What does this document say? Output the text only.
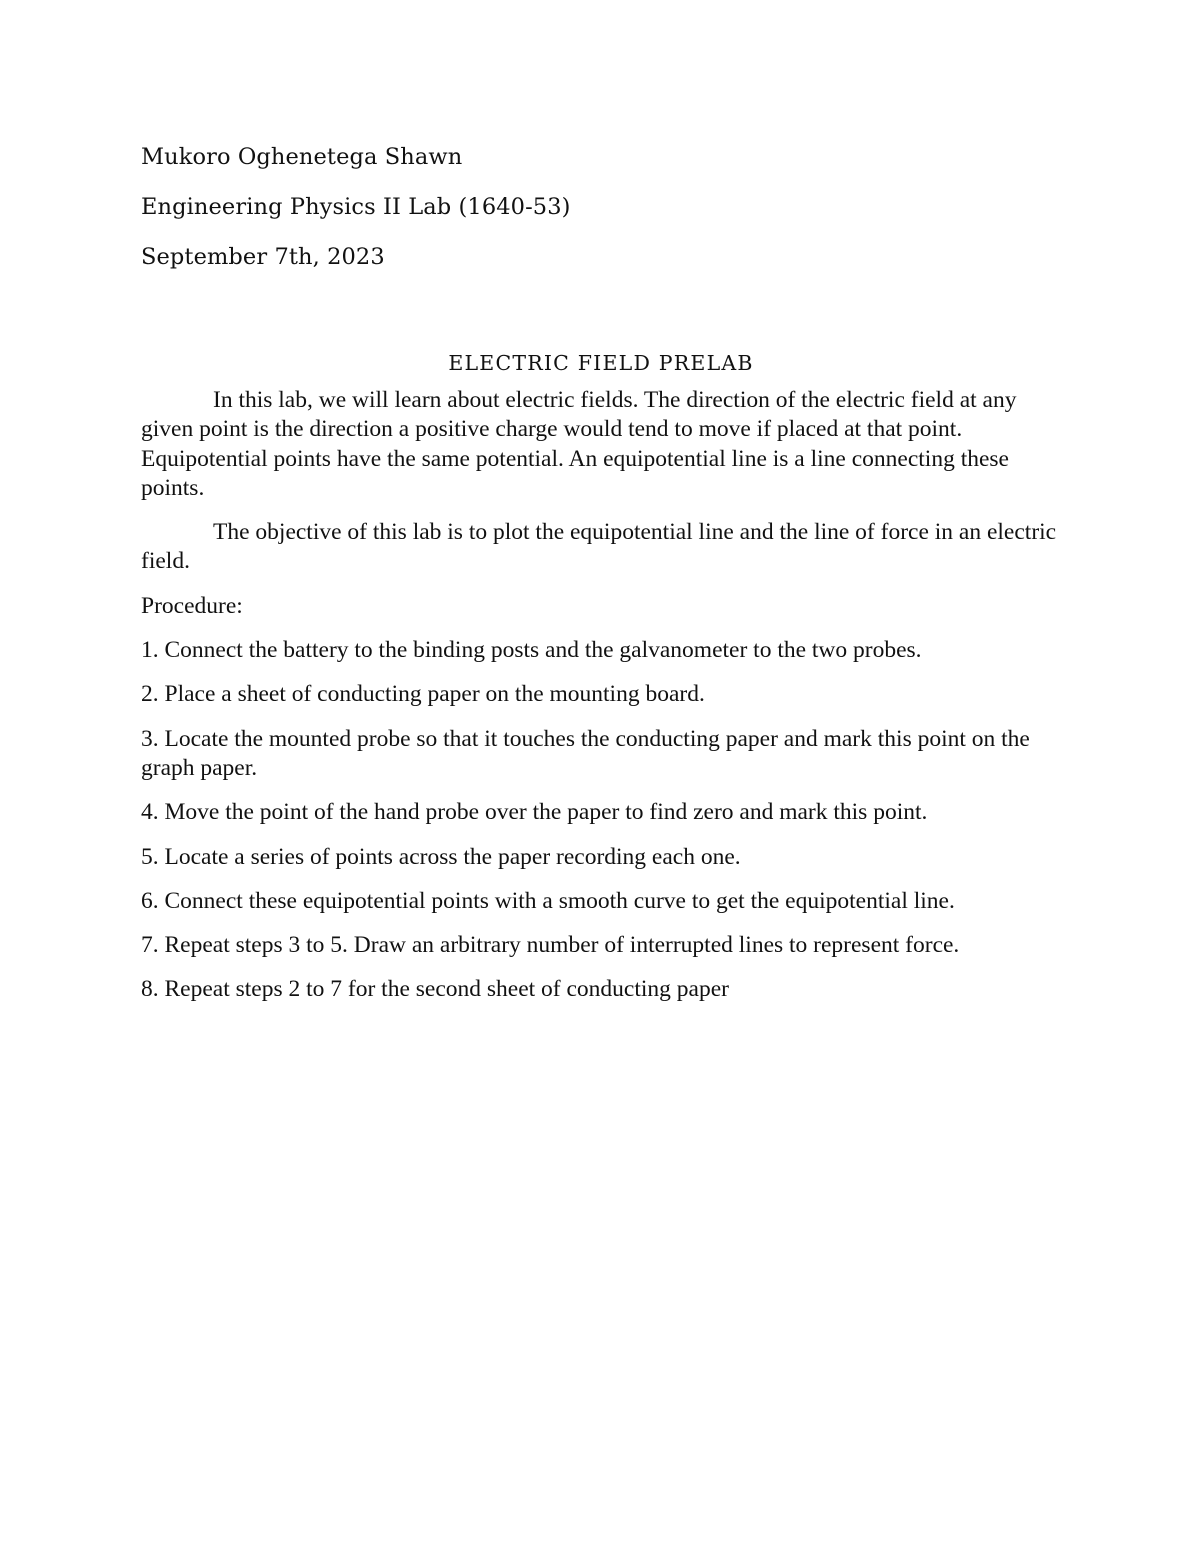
Mukoro Oghenetega Shawn

Engineering Physics II Lab (1640-53)

September 7th, 2023

ELECTRIC FIELD PRELAB

In this lab, we will learn about electric fields. The direction of the electric field at any given point is the direction a positive charge would tend to move if placed at that point. Equipotential points have the same potential. An equipotential line is a line connecting these points.

The objective of this lab is to plot the equipotential line and the line of force in an electric field.

Procedure:

1. Connect the battery to the binding posts and the galvanometer to the two probes.

2. Place a sheet of conducting paper on the mounting board.

3. Locate the mounted probe so that it touches the conducting paper and mark this point on the graph paper.

4. Move the point of the hand probe over the paper to find zero and mark this point.

5. Locate a series of points across the paper recording each one.

6. Connect these equipotential points with a smooth curve to get the equipotential line.

7. Repeat steps 3 to 5. Draw an arbitrary number of interrupted lines to represent force.

8. Repeat steps 2 to 7 for the second sheet of conducting paper
